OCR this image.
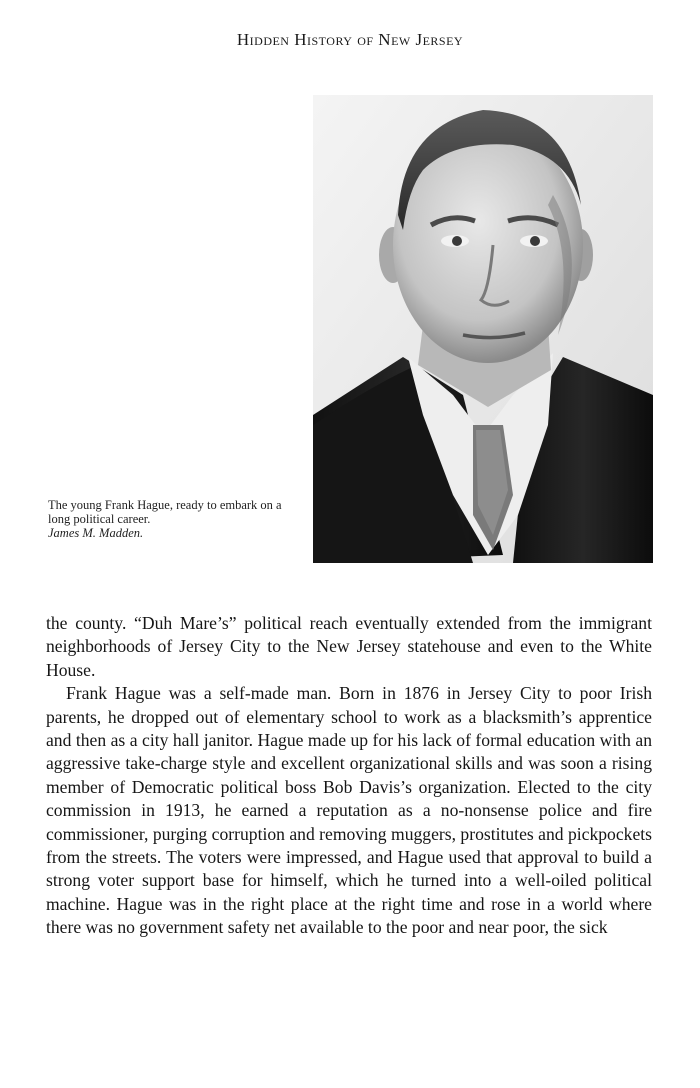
Hidden History of New Jersey
The young Frank Hague, ready to embark on a long political career.
James M. Madden.

the county. “Duh Mare’s” political reach eventually extended from the immigrant neighborhoods of Jersey City to the New Jersey statehouse and even to the White House.

Frank Hague was a self-made man. Born in 1876 in Jersey City to poor Irish parents, he dropped out of elementary school to work as a blacksmith’s apprentice and then as a city hall janitor. Hague made up for his lack of formal education with an aggressive take-charge style and excellent organizational skills and was soon a rising member of Democratic political boss Bob Davis’s organization. Elected to the city commission in 1913, he earned a reputation as a no-nonsense police and fire commissioner, purging corruption and removing muggers, prostitutes and pickpockets from the streets. The voters were impressed, and Hague used that approval to build a strong voter support base for himself, which he turned into a well-oiled political machine. Hague was in the right place at the right time and rose in a world where there was no government safety net available to the poor and near poor, the sick
